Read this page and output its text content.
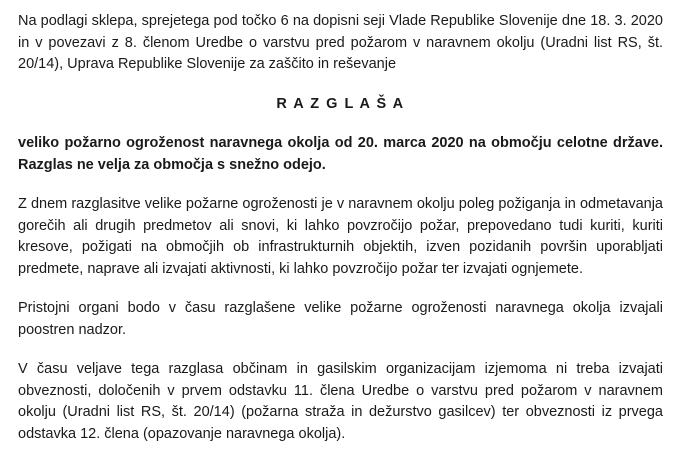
Na podlagi sklepa, sprejetega pod točko 6 na dopisni seji Vlade Republike Slovenije dne 18. 3. 2020 in v povezavi z 8. členom Uredbe o varstvu pred požarom v naravnem okolju (Uradni list RS, št. 20/14), Uprava Republike Slovenije za zaščito in reševanje

R A Z G L A Š A

veliko požarno ogroženost naravnega okolja od 20. marca 2020 na območju celotne države. Razglas ne velja za območja s snežno odejo.

Z dnem razglasitve velike požarne ogroženosti je v naravnem okolju poleg požiganja in odmetavanja gorečih ali drugih predmetov ali snovi, ki lahko povzročijo požar, prepovedano tudi kuriti, kuriti kresove, požigati na območjih ob infrastrukturnih objektih, izven pozidanih površin uporabljati predmete, naprave ali izvajati aktivnosti, ki lahko povzročijo požar ter izvajati ognjemete.

Pristojni organi bodo v času razglašene velike požarne ogroženosti naravnega okolja izvajali poostren nadzor.

V času veljave tega razglasa občinam in gasilskim organizacijam izjemoma ni treba izvajati obveznosti, določenih v prvem odstavku 11. člena Uredbe o varstvu pred požarom v naravnem okolju (Uradni list RS, št. 20/14) (požarna straža in dežurstvo gasilcev) ter obveznosti iz prvega odstavka 12. člena (opazovanje naravnega okolja).
